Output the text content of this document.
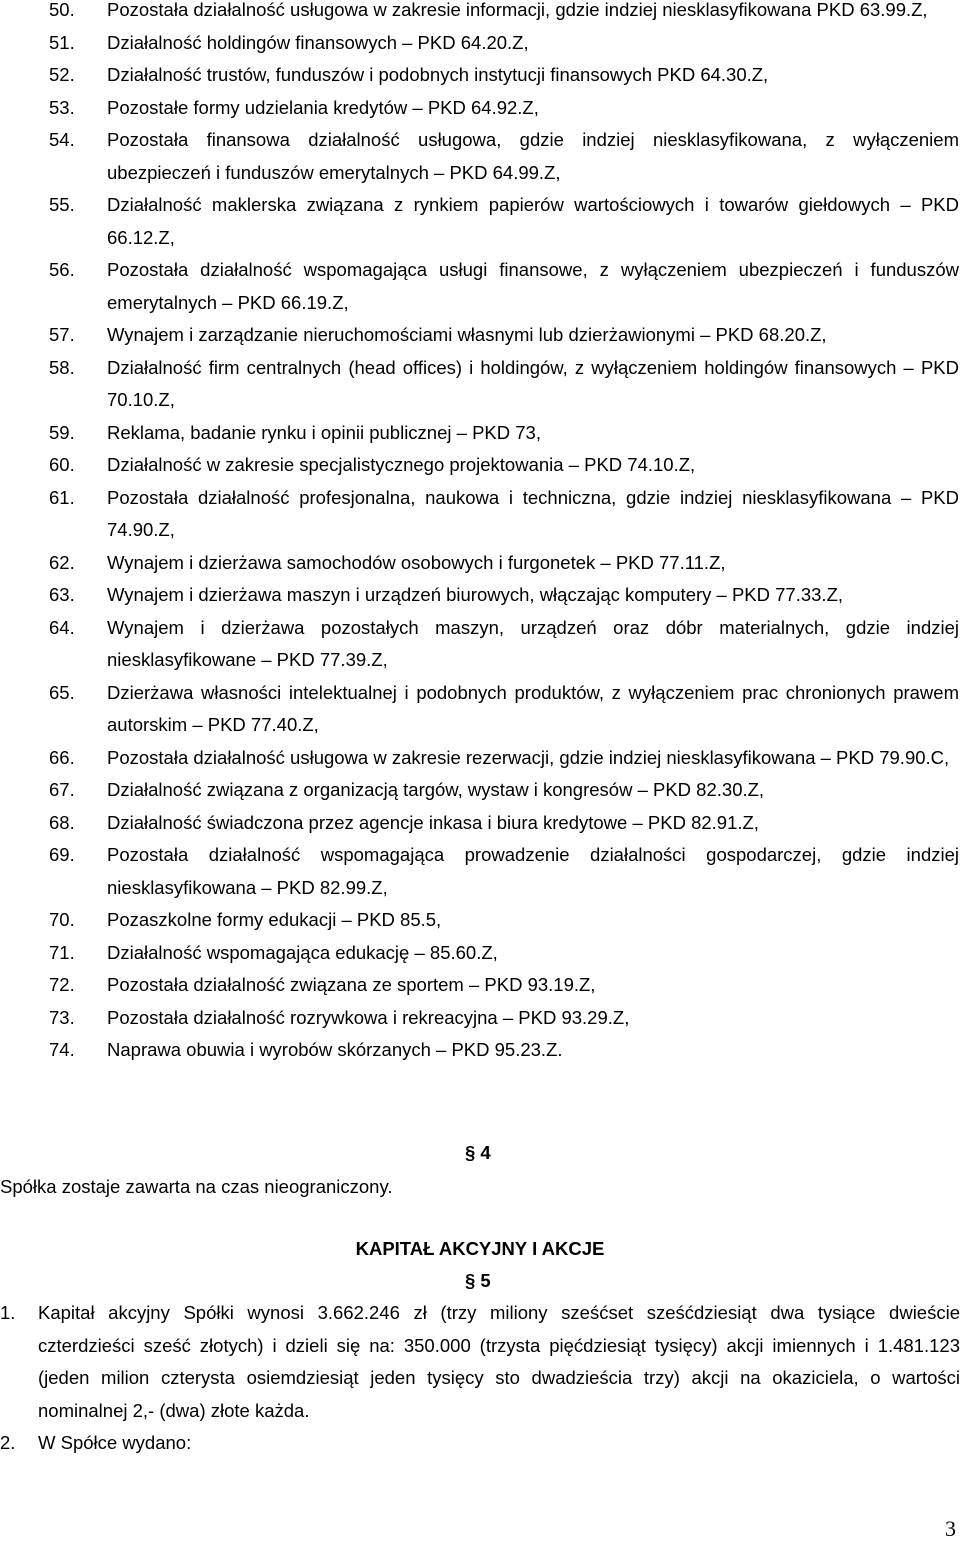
50.	Pozostała działalność usługowa w zakresie informacji, gdzie indziej niesklasyfikowana PKD 63.99.Z,
51.	Działalność holdingów finansowych – PKD 64.20.Z,
52.	Działalność trustów, funduszów i podobnych instytucji finansowych PKD 64.30.Z,
53.	Pozostałe formy udzielania kredytów – PKD 64.92.Z,
54.	Pozostała finansowa działalność usługowa, gdzie indziej niesklasyfikowana, z wyłączeniem ubezpieczeń i funduszów emerytalnych – PKD 64.99.Z,
55.	Działalność maklerska związana z rynkiem papierów wartościowych i towarów giełdowych – PKD 66.12.Z,
56.	Pozostała działalność wspomagająca usługi finansowe, z wyłączeniem ubezpieczeń i funduszów emerytalnych – PKD 66.19.Z,
57.	Wynajem i zarządzanie nieruchomościami własnymi lub dzierżawionymi – PKD 68.20.Z,
58.	Działalność firm centralnych (head offices) i holdingów, z wyłączeniem holdingów finansowych – PKD 70.10.Z,
59.	Reklama, badanie rynku i opinii publicznej – PKD 73,
60.	Działalność w zakresie specjalistycznego projektowania – PKD 74.10.Z,
61.	Pozostała działalność profesjonalna, naukowa i techniczna, gdzie indziej niesklasyfikowana – PKD 74.90.Z,
62.	Wynajem i dzierżawa samochodów osobowych i furgonetek – PKD 77.11.Z,
63.	Wynajem i dzierżawa maszyn i urządzeń biurowych, włączając komputery – PKD 77.33.Z,
64.	Wynajem i dzierżawa pozostałych maszyn, urządzeń oraz dóbr materialnych, gdzie indziej niesklasyfikowane – PKD 77.39.Z,
65.	Dzierżawa własności intelektualnej i podobnych produktów, z wyłączeniem prac chronionych prawem autorskim – PKD 77.40.Z,
66.	Pozostała działalność usługowa w zakresie rezerwacji, gdzie indziej niesklasyfikowana – PKD 79.90.C,
67.	Działalność związana z organizacją targów, wystaw i kongresów – PKD 82.30.Z,
68.	Działalność świadczona przez agencje inkasa i biura kredytowe – PKD 82.91.Z,
69.	Pozostała działalność wspomagająca prowadzenie działalności gospodarczej, gdzie indziej niesklasyfikowana – PKD 82.99.Z,
70.	Pozaszkolne formy edukacji – PKD 85.5,
71.	Działalność wspomagająca edukację – 85.60.Z,
72.	Pozostała działalność związana ze sportem – PKD 93.19.Z,
73.	Pozostała działalność rozrywkowa i rekreacyjna – PKD 93.29.Z,
74.	Naprawa obuwia i wyrobów skórzanych – PKD 95.23.Z.
§ 4
Spółka zostaje zawarta na czas nieograniczony.
KAPITAŁ AKCYJNY I AKCJE
§ 5
1.	Kapitał akcyjny Spółki wynosi 3.662.246 zł (trzy miliony sześćset sześćdziesiąt dwa tysiące dwieście czterdzieści sześć złotych) i dzieli się na: 350.000 (trzysta pięćdziesiąt tysięcy) akcji imiennych i 1.481.123 (jeden milion czterysta osiemdziesiąt jeden tysięcy sto dwadzieścia trzy) akcji na okaziciela, o wartości nominalnej 2,- (dwa) złote każda.
2.	W Spółce wydano:
3
